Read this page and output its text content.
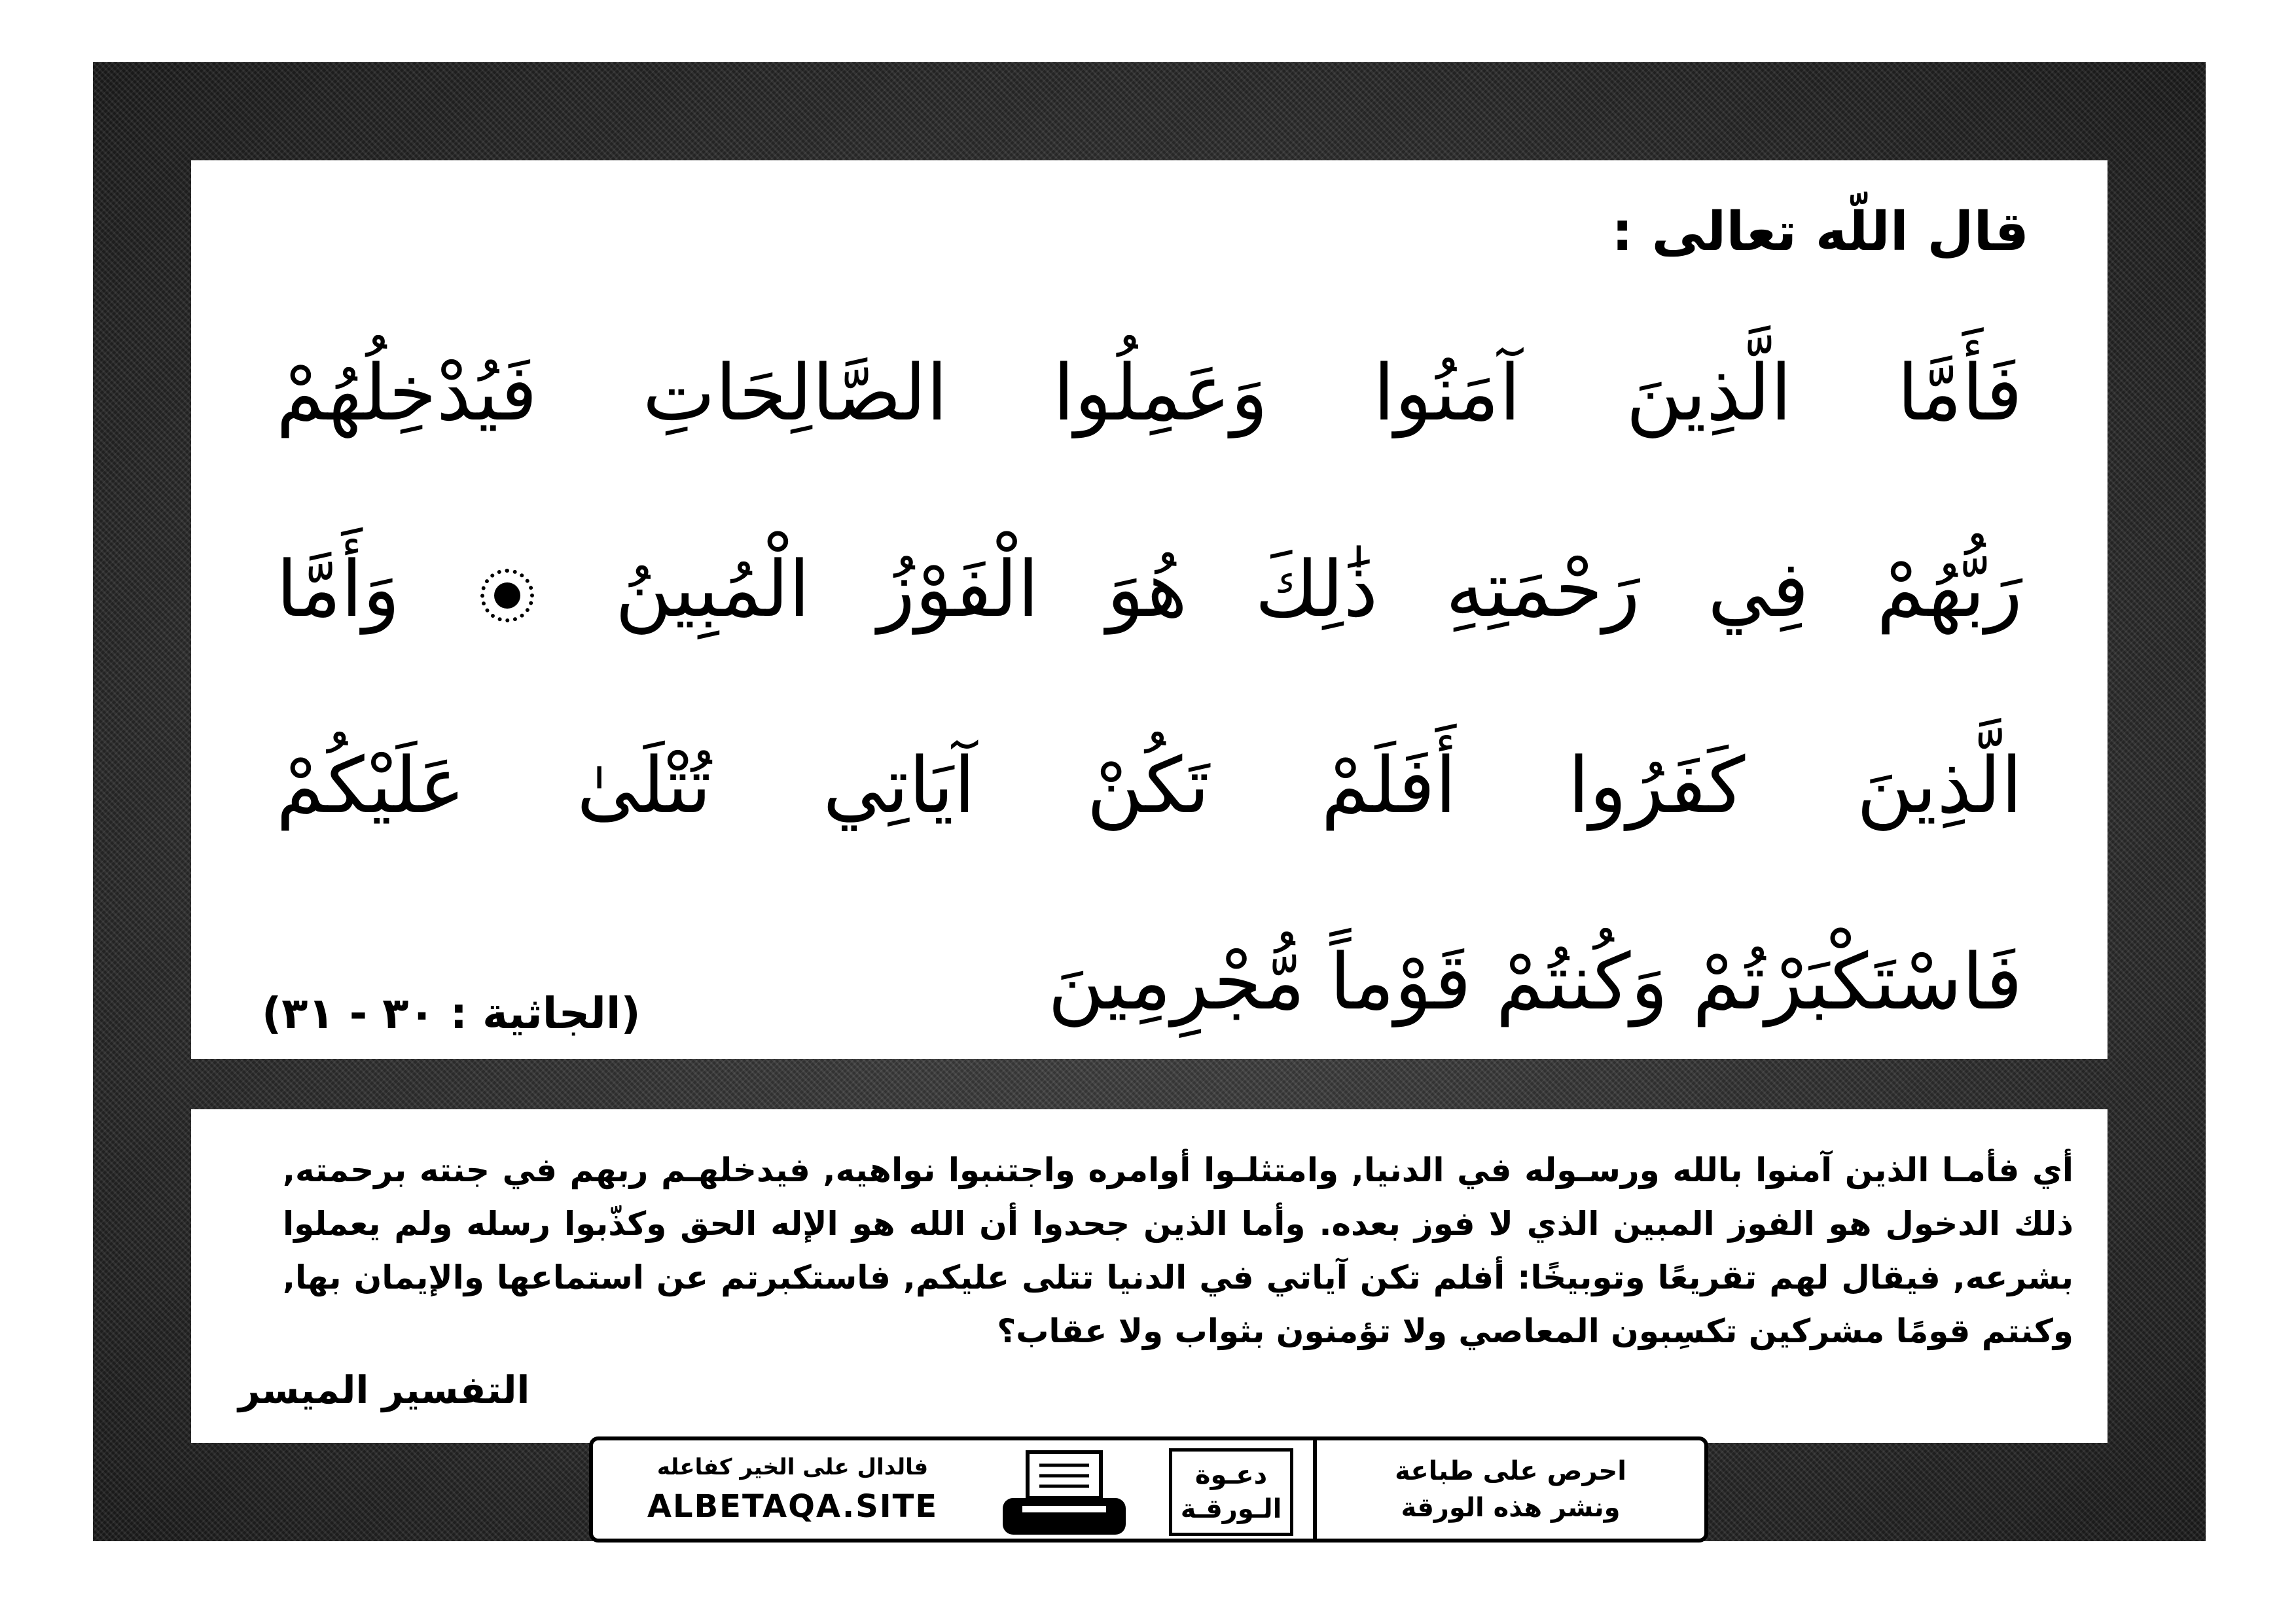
قال اللّه تعالى :
فَأَمَّا الَّذِينَ آمَنُوا وَعَمِلُوا الصَّالِحَاتِ فَيُدْخِلُهُمْ
رَبُّهُمْ فِي رَحْمَتِهِ ذَٰلِكَ هُوَ الْفَوْزُ الْمُبِينُ  وَأَمَّا
الَّذِينَ كَفَرُوا أَفَلَمْ تَكُنْ آيَاتِي تُتْلَىٰ عَلَيْكُمْ
فَاسْتَكْبَرْتُمْ وَكُنتُمْ قَوْماً مُّجْرِمِينَ
(الجاثية : ٣٠ - ٣١)
أي فأمـا الذين آمنوا بالله ورسـوله في الدنيا, وامتثلـوا أوامره واجتنبوا نواهيه, فيدخلهـم ربهم في جنته برحمته, ذلك الدخول هو الفوز المبين الذي لا فوز بعده. وأما الذين جحدوا أن الله هو الإله الحق وكذّبوا رسله ولم يعملوا بشرعه, فيقال لهم تقريعًا وتوبيخًا: أفلم تكن آياتي في الدنيا تتلى عليكم, فاستكبرتم عن استماعها والإيمان بها, وكنتم قومًا مشركين تكسِبون المعاصي ولا تؤمنون بثواب ولا عقاب؟
التفسير الميسر
فالدال على الخير كفاعله
ALBETAQA.SITE
دعـوة
الـورقـة
احرص على طباعة
ونشر هذه الورقة
